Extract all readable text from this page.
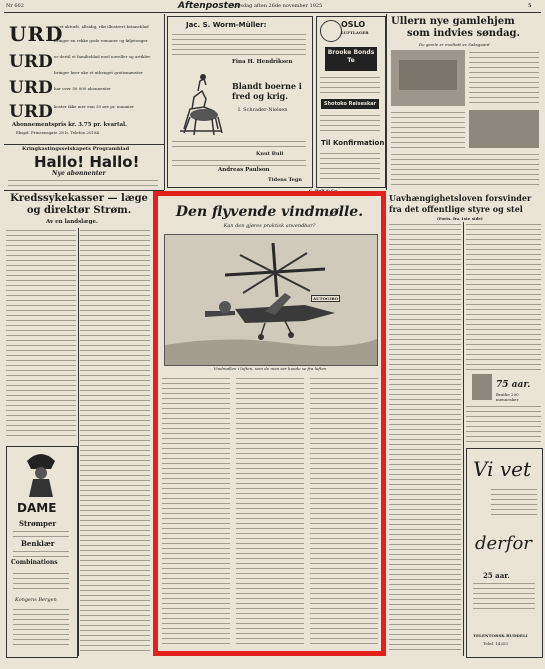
Nr 602	Aftenposten
torsdag aften 26de november 1925	5
URD
URD
URD
URD
er et aktuelt, allsidig, rikt illustrert kvinneblad
bringer en rekke gode romaner og føljetonger
er dertil et familieblad med noveller og artikler
bringer hver uke et uthenget gratismønster
har over 50 000 abonnenter
koster ikke mer enn 30 øre pr. nummer
Abonnementspris kr. 3.75 pr. kvartal.
Ekspd. Prinsensgate 28 b. Telefon 20184
Kringkastingsselskapets Programblad
Hallo! Hallo!
Nye abonnenter
Jac. S. Worm-Müller:
Fina H. Hendriksen
Blandt boerne i fred og krig.
I. Schrader-Nielsen
Knut Bull
Andreas Paulson
Tidens Tegn
OSLO
LUFTLAGER
Brooke Bonds Te
Shotoko Reiseskar
Til Konfirmation
Ullern nye gamlehjem
som indvies søndag.
De gamle er modtatt av Saksgaard
Kredssykekasser — læge og direktør Strøm.
Av en landslæge.
DAME
Strømper
Benklær
Combinations
Kongens Bergen
C. Holt & Co.
Den flyvende vindmølle.
Kan den gjøres praktisk anvendbar?
AUTOGIRO
Vindmøllen i luften, som de man ser kunde se fra luften
Uavhængighetsloven forsvinder
fra det offentlige styre og stel
(Forts. fra 1ste side)
75 aar.
Bratlie 200 mennesker
Vi vet
derfor
25 aar.
TELENTORSK BUDDELI
Telef. 14353
